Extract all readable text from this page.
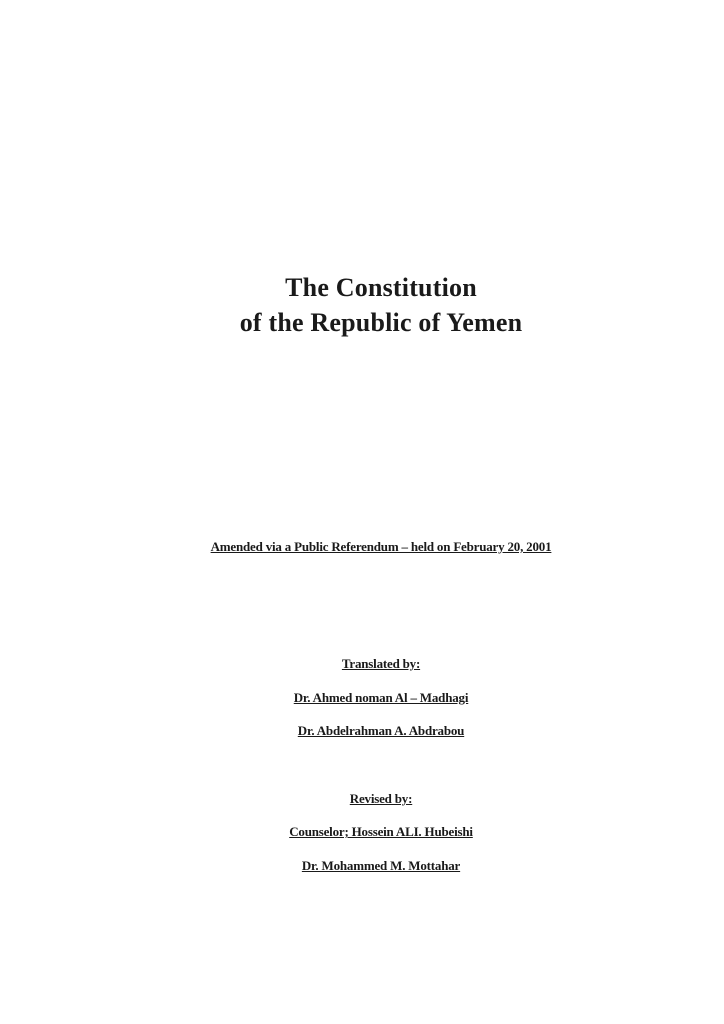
The Constitution
of the Republic of Yemen
Amended via a Public Referendum – held on February 20, 2001
Translated by:
Dr. Ahmed noman Al – Madhagi
Dr. Abdelrahman A. Abdrabou
Revised by:
Counselor; Hossein ALI. Hubeishi
Dr. Mohammed M. Mottahar
